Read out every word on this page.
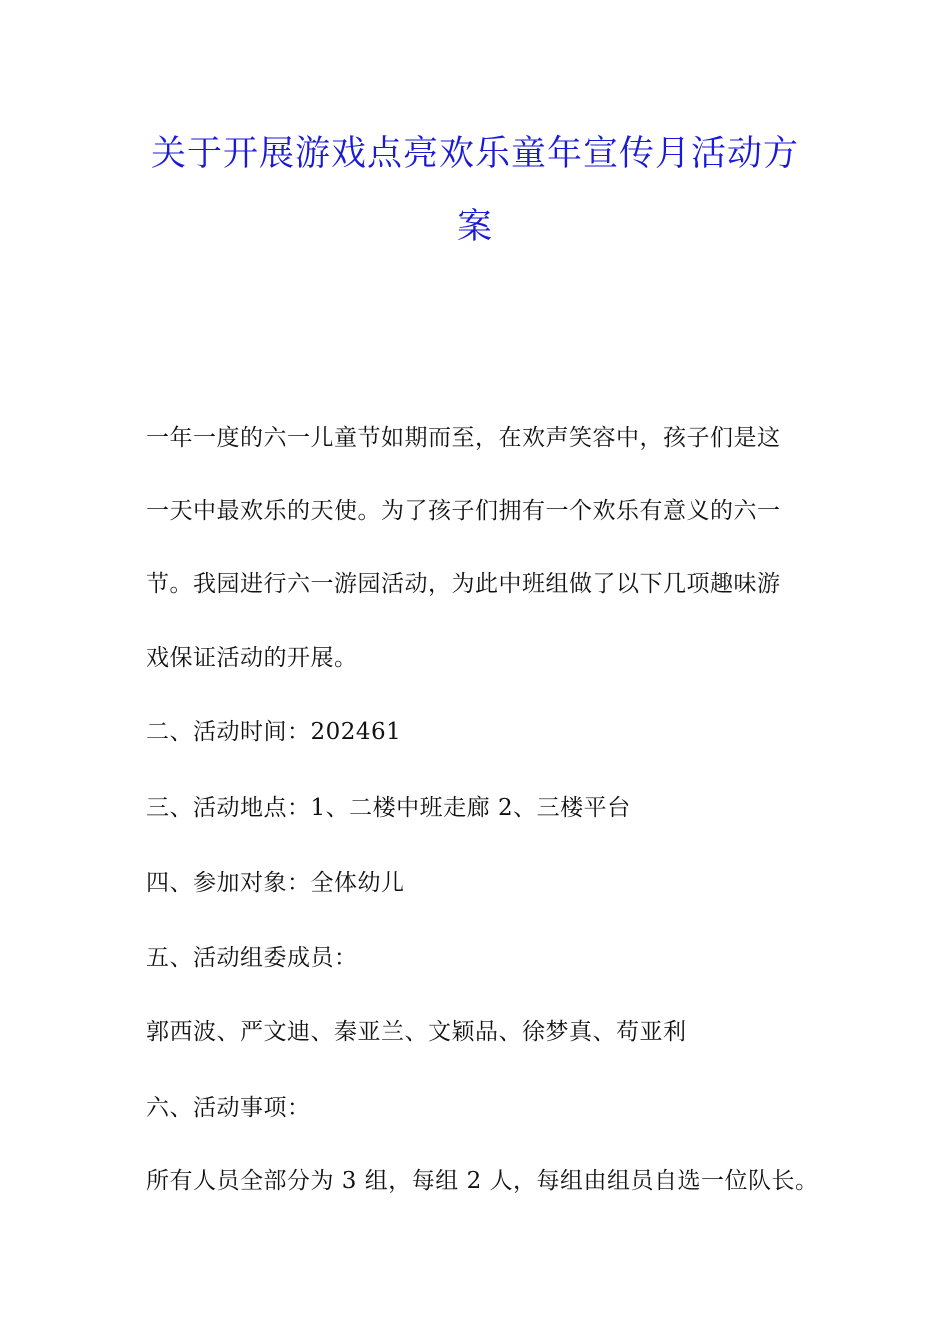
关于开展游戏点亮欢乐童年宣传月活动方
案
一年一度的六一儿童节如期而至，在欢声笑容中，孩子们是这
一天中最欢乐的天使。为了孩子们拥有一个欢乐有意义的六一
节。我园进行六一游园活动，为此中班组做了以下几项趣味游
戏保证活动的开展。
二、活动时间：202461
三、活动地点：1、二楼中班走廊 2、三楼平台
四、参加对象：全体幼儿
五、活动组委成员：
郭西波、严文迪、秦亚兰、文颖品、徐梦真、苟亚利
六、活动事项：
所有人员全部分为 3 组，每组 2 人，每组由组员自选一位队长。
